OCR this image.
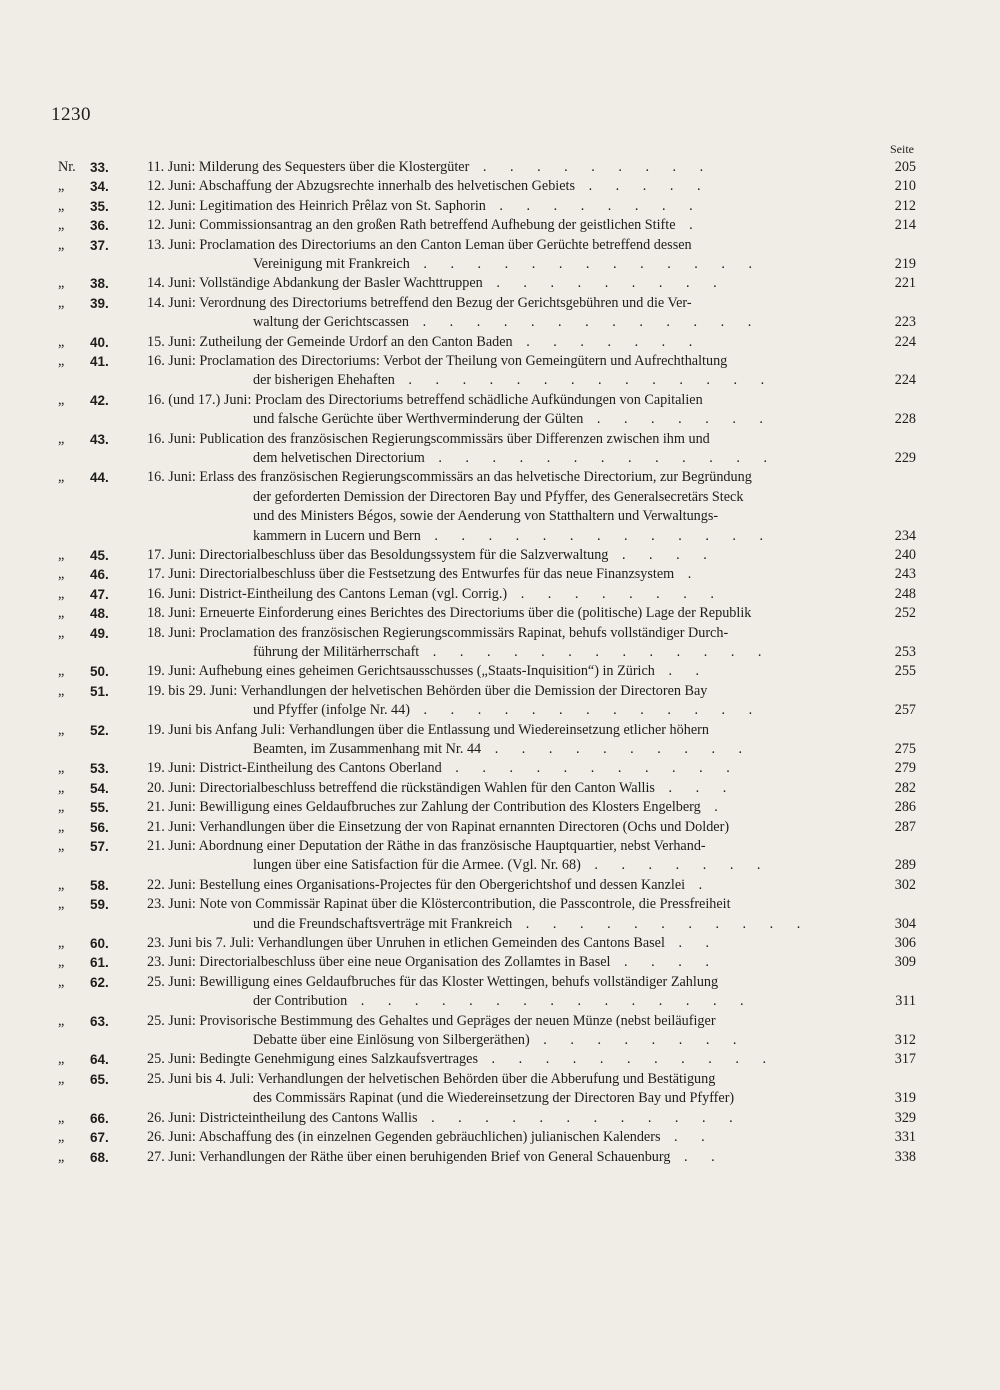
1230
Seite
Nr. 33.	11. Juni: Milderung des Sequesters über die Klostergüter . . . . . . . . .	205
„	34.	12. Juni: Abschaffung der Abzugsrechte innerhalb des helvetischen Gebiets . . . . .	210
„	35.	12. Juni: Legitimation des Heinrich Prêlaz von St. Saphorin . . . . . . . .	212
„	36.	12. Juni: Commissionsantrag an den großen Rath betreffend Aufhebung der geistlichen Stifte .	214
„	37.	13. Juni: Proclamation des Directoriums an den Canton Leman über Gerüchte betreffend dessen
Vereinigung mit Frankreich . . . . . . . . . . . . .	219
„	38.	14. Juni: Vollständige Abdankung der Basler Wachttruppen . . . . . . . . .	221
„	39.	14. Juni: Verordnung des Directoriums betreffend den Bezug der Gerichtsgebühren und die Ver-
waltung der Gerichtscassen . . . . . . . . . . . . .	223
„	40.	15. Juni: Zutheilung der Gemeinde Urdorf an den Canton Baden . . . . . . .	224
„	41.	16. Juni: Proclamation des Directoriums: Verbot der Theilung von Gemeingütern und Aufrechthaltung
der bisherigen Ehehaften . . . . . . . . . . . . . .	224
„	42.	16. (und 17.) Juni: Proclam des Directoriums betreffend schädliche Aufkündungen von Capitalien
und falsche Gerüchte über Werthverminderung der Gülten . . . . . . .	228
„	43.	16. Juni: Publication des französischen Regierungscommissärs über Differenzen zwischen ihm und
dem helvetischen Directorium . . . . . . . . . . . . .	229
„	44.	16. Juni: Erlass des französischen Regierungscommissärs an das helvetische Directorium, zur Begründung
der geforderten Demission der Directoren Bay und Pfyffer, des Generalsecretärs Steck
und des Ministers Bégos, sowie der Aenderung von Statthaltern und Verwaltungs-
kammern in Lucern und Bern . . . . . . . . . . . . .	234
„	45.	17. Juni: Directorialbeschluss über das Besoldungssystem für die Salzverwaltung . . . .	240
„	46.	17. Juni: Directorialbeschluss über die Festsetzung des Entwurfes für das neue Finanzsystem .	243
„	47.	16. Juni: District-Eintheilung des Cantons Leman (vgl. Corrig.) . . . . . . . .	248
„	48.	18. Juni: Erneuerte Einforderung eines Berichtes des Directoriums über die (politische) Lage der Republik	252
„	49.	18. Juni: Proclamation des französischen Regierungscommissärs Rapinat, behufs vollständiger Durch-
führung der Militärherrschaft . . . . . . . . . . . . .	253
„	50.	19. Juni: Aufhebung eines geheimen Gerichtsausschusses („Staats-Inquisition“) in Zürich . .	255
„	51.	19. bis 29. Juni: Verhandlungen der helvetischen Behörden über die Demission der Directoren Bay
und Pfyffer (infolge Nr. 44) . . . . . . . . . . . . .	257
„	52.	19. Juni bis Anfang Juli: Verhandlungen über die Entlassung und Wiedereinsetzung etlicher höhern
Beamten, im Zusammenhang mit Nr. 44 . . . . . . . . . .	275
„	53.	19. Juni: District-Eintheilung des Cantons Oberland . . . . . . . . . . .	279
„	54.	20. Juni: Directorialbeschluss betreffend die rückständigen Wahlen für den Canton Wallis . . .	282
„	55.	21. Juni: Bewilligung eines Geldaufbruches zur Zahlung der Contribution des Klosters Engelberg .	286
„	56.	21. Juni: Verhandlungen über die Einsetzung der von Rapinat ernannten Directoren (Ochs und Dolder)	287
„	57.	21. Juni: Abordnung einer Deputation der Räthe in das französische Hauptquartier, nebst Verhand-
lungen über eine Satisfaction für die Armee. (Vgl. Nr. 68) . . . . . . .	289
„	58.	22. Juni: Bestellung eines Organisations-Projectes für den Obergerichtshof und dessen Kanzlei .	302
„	59.	23. Juni: Note von Commissär Rapinat über die Klöstercontribution, die Passcontrole, die Pressfreiheit
und die Freundschaftsverträge mit Frankreich . . . . . . . . . . .	304
„	60.	23. Juni bis 7. Juli: Verhandlungen über Unruhen in etlichen Gemeinden des Cantons Basel . .	306
„	61.	23. Juni: Directorialbeschluss über eine neue Organisation des Zollamtes in Basel . . . .	309
„	62.	25. Juni: Bewilligung eines Geldaufbruches für das Kloster Wettingen, behufs vollständiger Zahlung
der Contribution . . . . . . . . . . . . . . .	311
„	63.	25. Juni: Provisorische Bestimmung des Gehaltes und Gepräges der neuen Münze (nebst beiläufiger
Debatte über eine Einlösung von Silbergeräthen) . . . . . . . .	312
„	64.	25. Juni: Bedingte Genehmigung eines Salzkaufsvertrages . . . . . . . . . . .	317
„	65.	25. Juni bis 4. Juli: Verhandlungen der helvetischen Behörden über die Abberufung und Bestätigung
des Commissärs Rapinat (und die Wiedereinsetzung der Directoren Bay und Pfyffer)	319
„	66.	26. Juni: Districteintheilung des Cantons Wallis . . . . . . . . . . . .	329
„	67.	26. Juni: Abschaffung des (in einzelnen Gegenden gebräuchlichen) julianischen Kalenders . .	331
„	68.	27. Juni: Verhandlungen der Räthe über einen beruhigenden Brief von General Schauenburg . .	338
